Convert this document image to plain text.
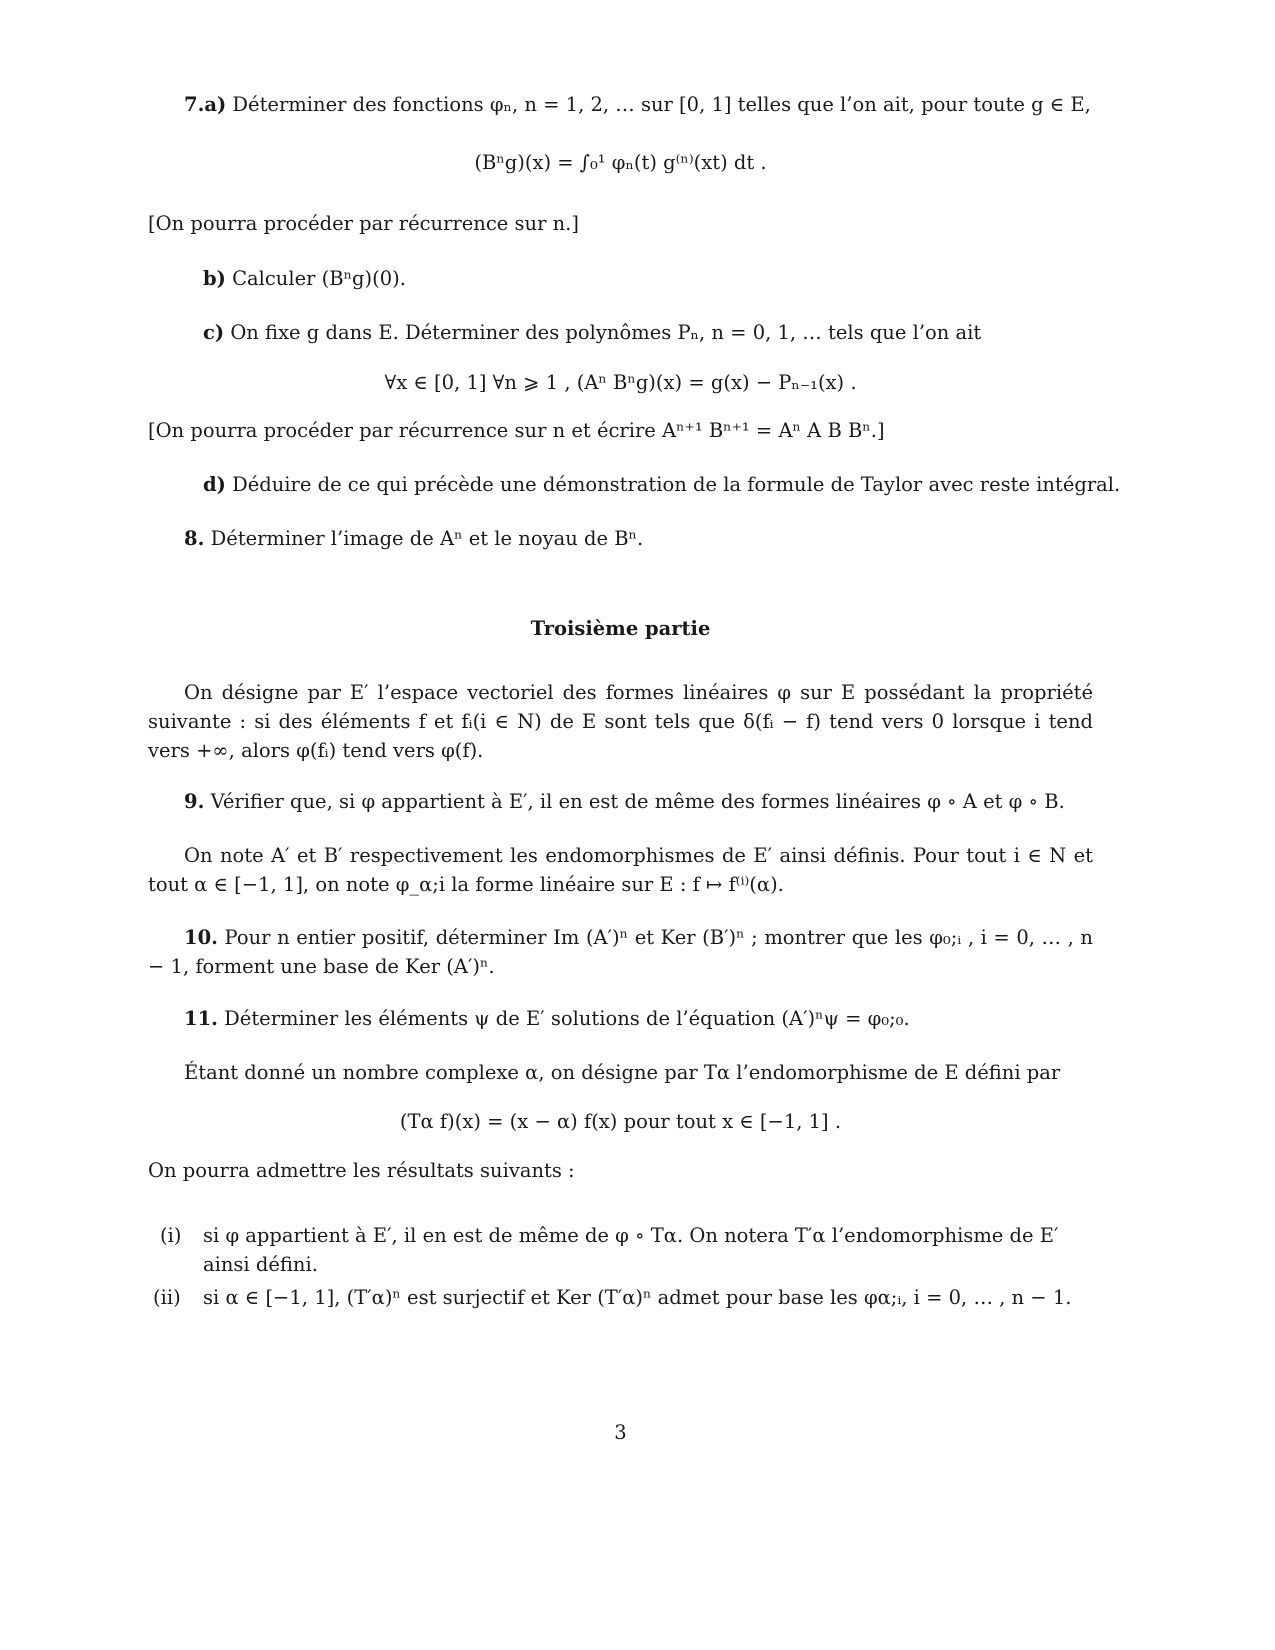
7.a) Déterminer des fonctions φₙ, n = 1, 2, … sur [0, 1] telles que l’on ait, pour toute g ∈ E,

(Bⁿg)(x) = ∫₀¹ φₙ(t) g⁽ⁿ⁾(xt) dt .

[On pourra procéder par récurrence sur n.]

b) Calculer (Bⁿg)(0).

c) On fixe g dans E. Déterminer des polynômes Pₙ, n = 0, 1, … tels que l’on ait

∀x ∈ [0, 1] ∀n ⩾ 1 , (Aⁿ Bⁿg)(x) = g(x) − Pₙ₋₁(x) .

[On pourra procéder par récurrence sur n et écrire Aⁿ⁺¹ Bⁿ⁺¹ = Aⁿ A B Bⁿ.]

d) Déduire de ce qui précède une démonstration de la formule de Taylor avec reste intégral.

8. Déterminer l’image de Aⁿ et le noyau de Bⁿ.

Troisième partie

On désigne par E′ l’espace vectoriel des formes linéaires φ sur E possédant la propriété suivante : si des éléments f et fᵢ(i ∈ N) de E sont tels que δ(fᵢ − f) tend vers 0 lorsque i tend vers +∞, alors φ(fᵢ) tend vers φ(f).

9. Vérifier que, si φ appartient à E′, il en est de même des formes linéaires φ ∘ A et φ ∘ B.

On note A′ et B′ respectivement les endomorphismes de E′ ainsi définis. Pour tout i ∈ N et tout α ∈ [−1, 1], on note φ_α;i la forme linéaire sur E : f ↦ f⁽ⁱ⁾(α).

10. Pour n entier positif, déterminer Im (A′)ⁿ et Ker (B′)ⁿ ; montrer que les φ₀;ᵢ , i = 0, … , n − 1, forment une base de Ker (A′)ⁿ.

11. Déterminer les éléments ψ de E′ solutions de l’équation (A′)ⁿψ = φ₀;₀.

Étant donné un nombre complexe α, on désigne par Tα l’endomorphisme de E défini par

(Tα f)(x) = (x − α) f(x) pour tout x ∈ [−1, 1] .

On pourra admettre les résultats suivants :

(i)	si φ appartient à E′, il en est de même de φ ∘ Tα. On notera T′α l’endomorphisme de E′ ainsi défini.
(ii)	si α ∈ [−1, 1], (T′α)ⁿ est surjectif et Ker (T′α)ⁿ admet pour base les φα;ᵢ, i = 0, … , n − 1.

3
